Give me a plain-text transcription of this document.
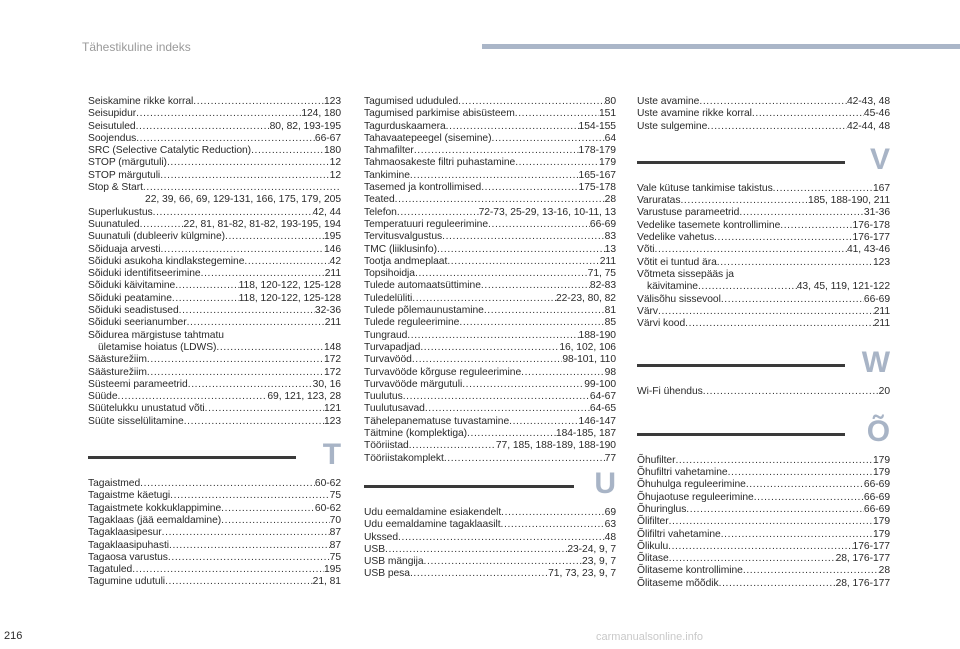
Tähestikuline indeks
Seiskamine rikke korral .....	123
Seisupidur .....	124, 180
Seisutuled .....	80, 82, 193-195
Soojendus .....	66-67
SRC (Selective Catalytic Reduction) .....	180
STOP (märgutuli) .....	12
STOP märgutuli .....	12
Stop & Start
.....
22, 39, 66, 69, 129-131, 166, 175, 179, 205
Superlukustus .....	42, 44
Suunatuled .....	22, 81, 81-82, 81-82, 193-195, 194
Suunatuli (dubleeriv külgmine) .....	195
Sõiduaja arvesti .....	146
Sõiduki asukoha kindlakstegemine .....	42
Sõiduki identifitseerimine .....	211
Sõiduki käivitamine .....	118, 120-122, 125-128
Sõiduki peatamine .....	118, 120-122, 125-128
Sõiduki seadistused .....	32-36
Sõiduki seerianumber .....	211
Sõidurea märgistuse tahtmatu
ületamise hoiatus (LDWS) .....	148
Säästurežiim .....	172
Säästurežiim .....	172
Süsteemi parameetrid .....	30, 16
Süüde .....	69, 121, 123, 28
Süütelukku unustatud võti .....	121
Süüte sisselülitamine .....	123
T
Tagaistmed .....	60-62
Tagaistme käetugi .....	75
Tagaistmete kokkuklappimine .....	60-62
Tagaklaas (jää eemaldamine) .....	70
Tagaklaasipesur .....	87
Tagaklaasipuhasti .....	87
Tagaosa varustus .....	75
Tagatuled .....	195
Tagumine udutuli .....	21, 81
Tagumised ududuled .....	80
Tagumised parkimise abisüsteem .....	151
Tagurduskaamera .....	154-155
Tahavaatepeegel (sisemine) .....	64
Tahmafilter .....	178-179
Tahmaosakeste filtri puhastamine .....	179
Tankimine .....	165-167
Tasemed ja kontrollimised .....	175-178
Teated .....	28
Telefon .....	72-73, 25-29, 13-16, 10-11, 13
Temperatuuri reguleerimine .....	66-69
Tervitusvalgustus .....	83
TMC (liiklusinfo) .....	13
Tootja andmeplaat .....	211
Topsihoidja .....	71, 75
Tulede automaatsüttimine .....	82-83
Tuledelüliti .....	22-23, 80, 82
Tulede põlemaunustamine .....	81
Tulede reguleerimine .....	85
Tungraud .....	188-190
Turvapadjad .....	16, 102, 106
Turvavööd .....	98-101, 110
Turvavööde kõrguse reguleerimine .....	98
Turvavööde märgutuli .....	99-100
Tuulutus .....	64-67
Tuulutusavad .....	64-65
Tähelepanematuse tuvastamine .....	146-147
Täitmine (komplektiga) .....	184-185, 187
Tööriistad .....	77, 185, 188-189, 188-190
Tööriistakomplekt .....	77
U
Udu eemaldamine esiakendelt .....	69
Udu eemaldamine tagaklaasilt .....	63
Ukssed .....	48
USB .....	23-24, 9, 7
USB mängija .....	23, 9, 7
USB pesa .....	71, 73, 23, 9, 7
Uste avamine .....	42-43, 48
Uste avamine rikke korral .....	45-46
Uste sulgemine .....	42-44, 48
V
Vale kütuse tankimise takistus .....	167
Varuratas .....	185, 188-190, 211
Varustuse parameetrid .....	31-36
Vedelike tasemete kontrollimine .....	176-178
Vedelike vahetus .....	176-177
Võti .....	41, 43-46
Võtit ei tuntud ära .....	123
Võtmeta sissepääs ja
käivitamine .....	43, 45, 119, 121-122
Välisõhu sissevool .....	66-69
Värv .....	211
Värvi kood .....	211
W
Wi-Fi ühendus .....	20
Õ
Õhufilter .....	179
Õhufiltri vahetamine .....	179
Õhuhulga reguleerimine .....	66-69
Õhujaotuse reguleerimine .....	66-69
Õhuringlus .....	66-69
Õlifilter .....	179
Õlifiltri vahetamine .....	179
Õlikulu .....	176-177
Õlitase .....	28, 176-177
Õlitaseme kontrollimine .....	28
Õlitaseme mõõdik .....	28, 176-177
216	carmanualsonline.info
